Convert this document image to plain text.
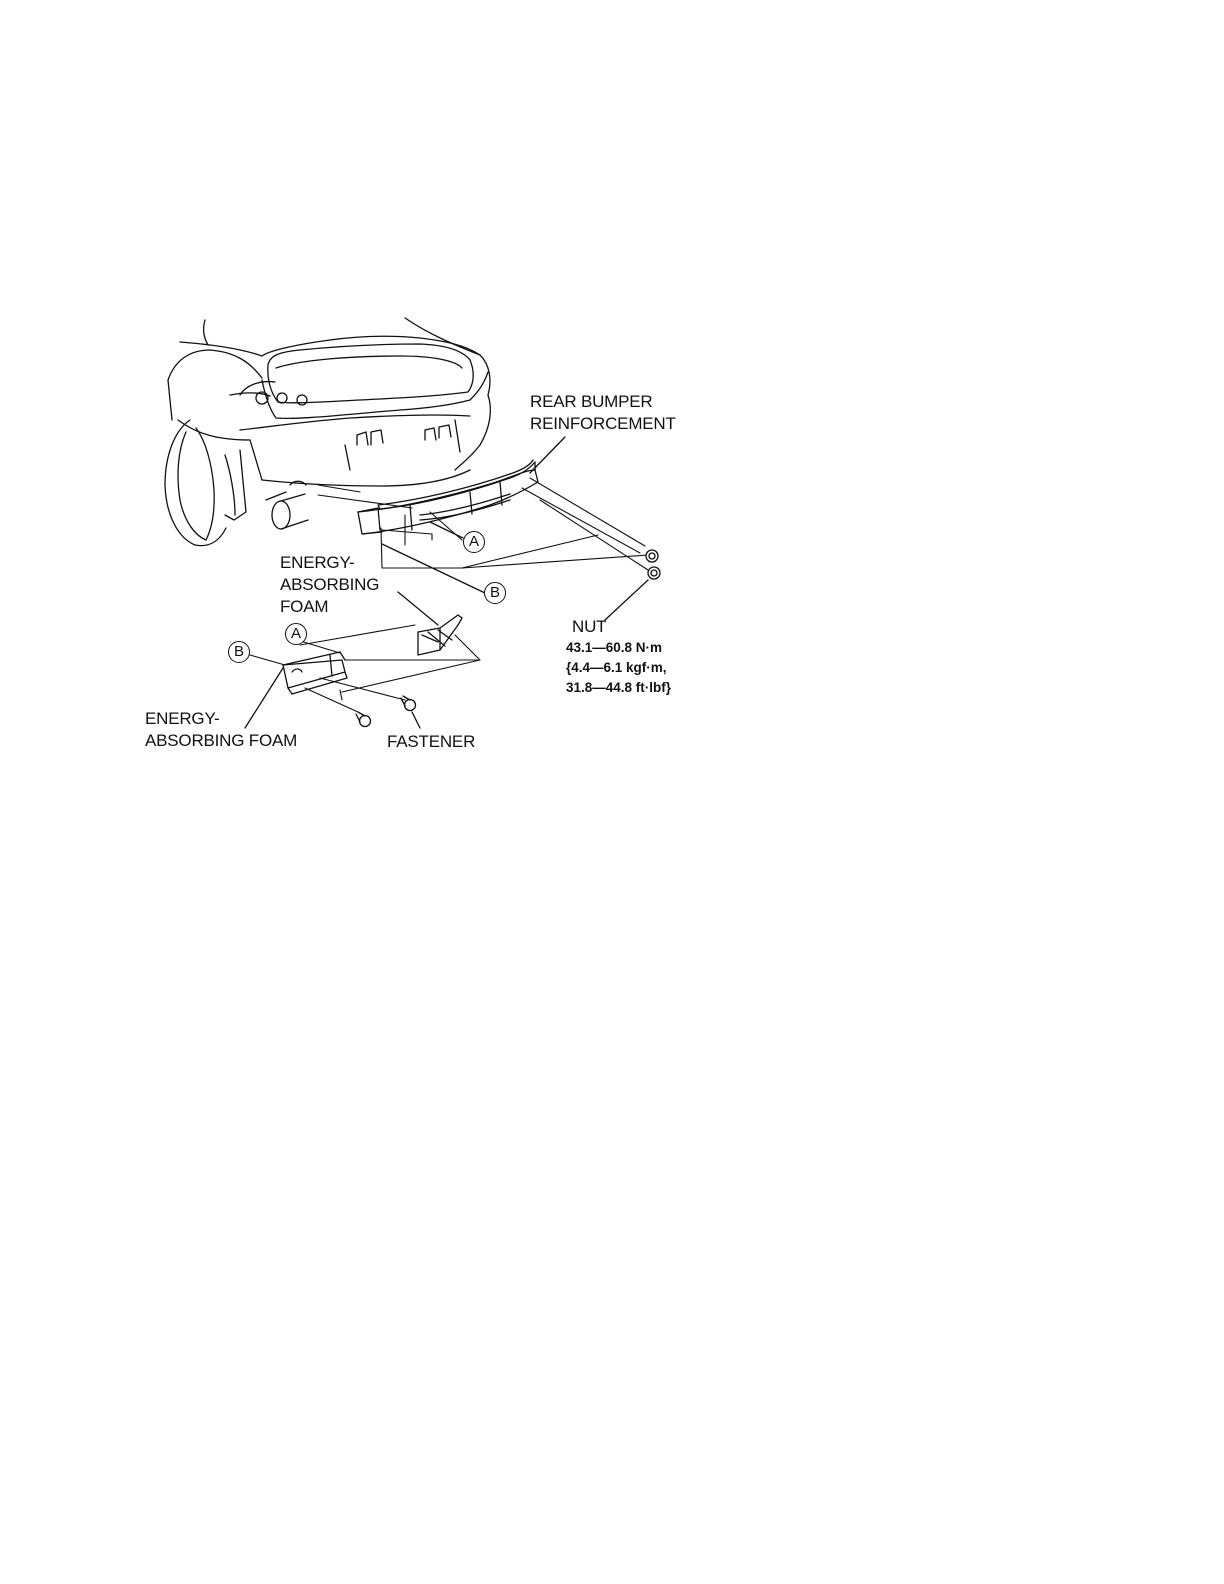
REAR BUMPER
REINFORCEMENT
ENERGY-
ABSORBING
FOAM
ENERGY-
ABSORBING FOAM
NUT
43.1—60.8 N·m
{4.4—6.1 kgf·m,
31.8—44.8 ft·lbf}
FASTENER
A
B
A
B
